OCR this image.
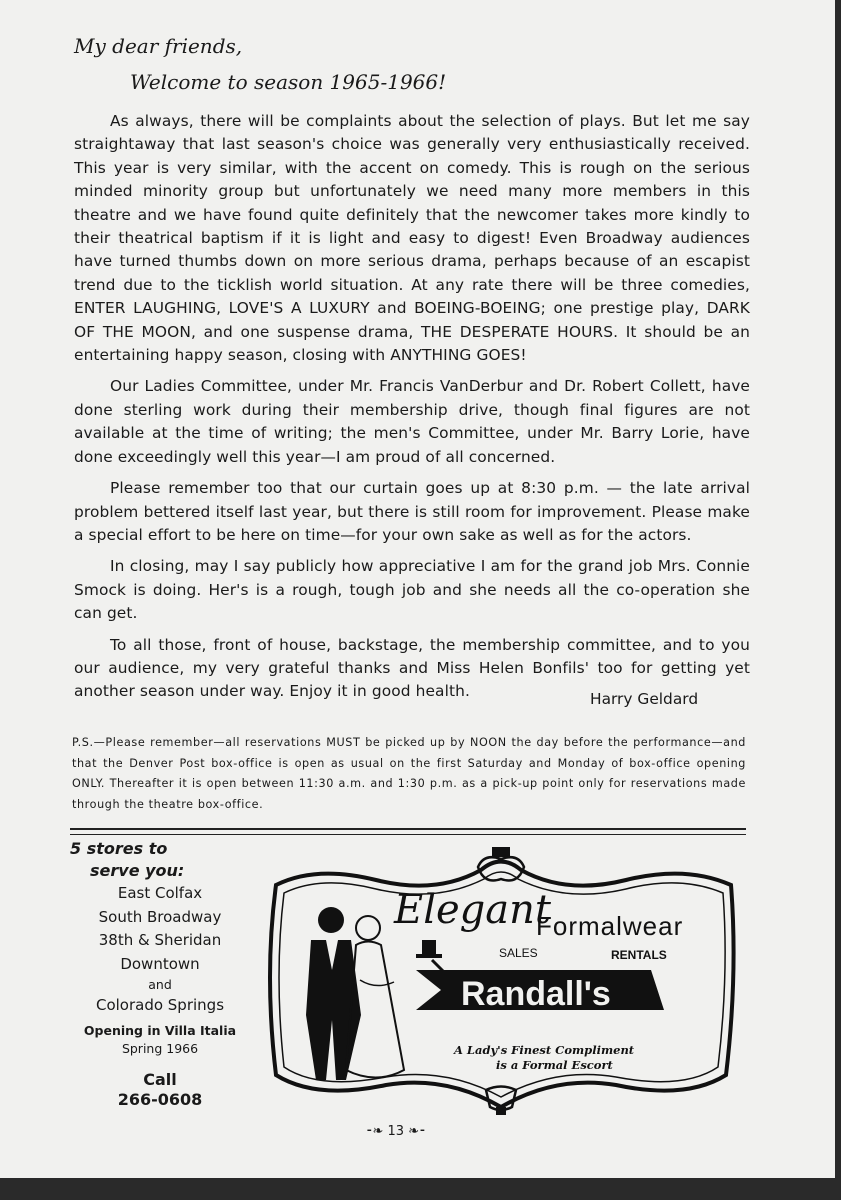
My dear friends,
Welcome to season 1965-1966!

As always, there will be complaints about the selection of plays. But let me say straightaway that last season's choice was generally very enthusiastically received. This year is very similar, with the accent on comedy. This is rough on the serious minded minority group but unfortunately we need many more members in this theatre and we have found quite definitely that the newcomer takes more kindly to their theatrical baptism if it is light and easy to digest! Even Broadway audiences have turned thumbs down on more serious drama, perhaps because of an escapist trend due to the ticklish world situation. At any rate there will be three comedies, ENTER LAUGHING, LOVE'S A LUXURY and BOEING-BOEING; one prestige play, DARK OF THE MOON, and one suspense drama, THE DESPERATE HOURS. It should be an entertaining happy season, closing with ANYTHING GOES!

Our Ladies Committee, under Mr. Francis VanDerbur and Dr. Robert Collett, have done sterling work during their membership drive, though final figures are not available at the time of writing; the men's Committee, under Mr. Barry Lorie, have done exceedingly well this year—I am proud of all concerned.

Please remember too that our curtain goes up at 8:30 p.m. — the late arrival problem bettered itself last year, but there is still room for improvement. Please make a special effort to be here on time—for your own sake as well as for the actors.

In closing, may I say publicly how appreciative I am for the grand job Mrs. Connie Smock is doing. Her's is a rough, tough job and she needs all the co-operation she can get.

To all those, front of house, backstage, the membership committee, and to you our audience, my very grateful thanks and Miss Helen Bonfils' too for getting yet another season under way. Enjoy it in good health.	Harry Geldard
P.S.—Please remember—all reservations MUST be picked up by NOON the day before the performance—and that the Denver Post box-office is open as usual on the first Saturday and Monday of box-office opening ONLY. Thereafter it is open between 11:30 a.m. and 1:30 p.m. as a pick-up point only for reservations made through the theatre box-office.
5 stores to
serve you:
East Colfax
South Broadway
38th & Sheridan
Downtown
and
Colorado Springs
Opening in Villa Italia
Spring 1966
Call
266-0608
Elegant
Formalwear
SALES	RENTALS
Randall's
A Lady's Finest Compliment
is a Formal Escort
⁃❧ 13 ❧⁃
